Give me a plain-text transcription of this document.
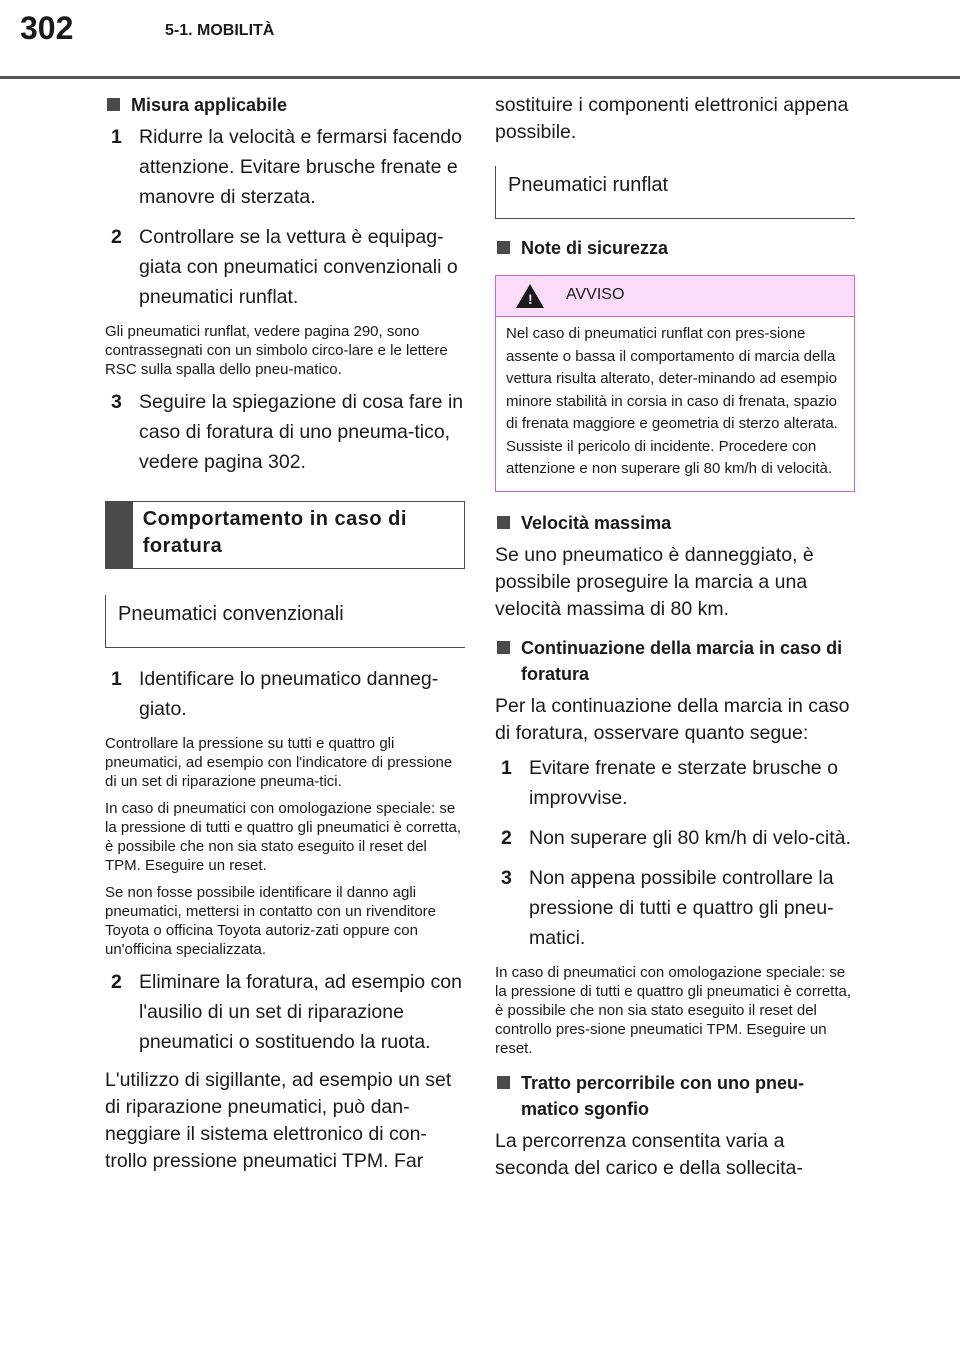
302	5-1. MOBILITÀ
Misura applicabile
1 Ridurre la velocità e fermarsi facendo attenzione. Evitare brusche frenate e manovre di sterzata.
2 Controllare se la vettura è equipag-giata con pneumatici convenzionali o pneumatici runflat.

Gli pneumatici runflat, vedere pagina 290, sono contrassegnati con un simbolo circo-lare e le lettere RSC sulla spalla dello pneu-matico.

3 Seguire la spiegazione di cosa fare in caso di foratura di uno pneuma-tico, vedere pagina 302.
Comportamento in caso di foratura
Pneumatici convenzionali
1 Identificare lo pneumatico danneg-giato.

Controllare la pressione su tutti e quattro gli pneumatici, ad esempio con l'indicatore di pressione di un set di riparazione pneuma-tici.

In caso di pneumatici con omologazione speciale: se la pressione di tutti e quattro gli pneumatici è corretta, è possibile che non sia stato eseguito il reset del TPM. Eseguire un reset.

Se non fosse possibile identificare il danno agli pneumatici, mettersi in contatto con un rivenditore Toyota o officina Toyota autoriz-zati oppure con un'officina specializzata.

2 Eliminare la foratura, ad esempio con l'ausilio di un set di riparazione pneumatici o sostituendo la ruota.

L'utilizzo di sigillante, ad esempio un set di riparazione pneumatici, può dan-neggiare il sistema elettronico di con-trollo pressione pneumatici TPM. Far

sostituire i componenti elettronici appena possibile.

Pneumatici runflat
Note di sicurezza
! AVVISO
Nel caso di pneumatici runflat con pres-sione assente o bassa il comportamento di marcia della vettura risulta alterato, deter-minando ad esempio minore stabilità in corsia in caso di frenata, spazio di frenata maggiore e geometria di sterzo alterata. Sussiste il pericolo di incidente. Procedere con attenzione e non superare gli 80 km/h di velocità.
Velocità massima

Se uno pneumatico è danneggiato, è possibile proseguire la marcia a una velocità massima di 80 km.

Continuazione della marcia in caso di foratura

Per la continuazione della marcia in caso di foratura, osservare quanto segue:

1 Evitare frenate e sterzate brusche o improvvise.
2 Non superare gli 80 km/h di velo-cità.
3 Non appena possibile controllare la pressione di tutti e quattro gli pneu-matici.

In caso di pneumatici con omologazione speciale: se la pressione di tutti e quattro gli pneumatici è corretta, è possibile che non sia stato eseguito il reset del controllo pres-sione pneumatici TPM. Eseguire un reset.

Tratto percorribile con uno pneu-matico sgonfio

La percorrenza consentita varia a seconda del carico e della sollecita-
